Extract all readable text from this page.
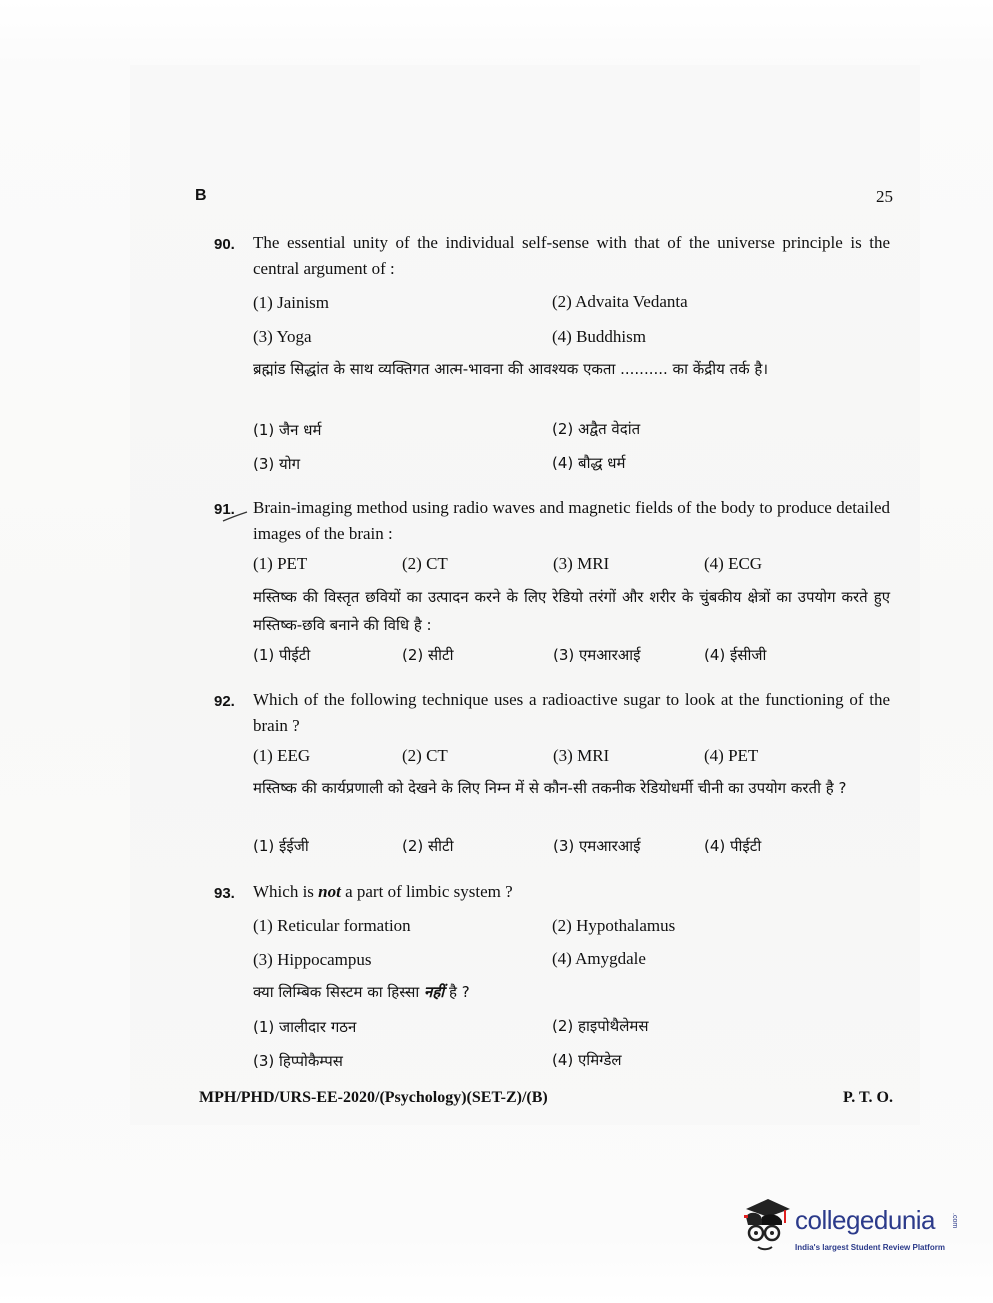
B	25
90. The essential unity of the individual self-sense with that of the universe principle is the central argument of :
(1) Jainism	(2) Advaita Vedanta
(3) Yoga	(4) Buddhism
ब्रह्मांड सिद्धांत के साथ व्यक्तिगत आत्म-भावना की आवश्यक एकता .......... का केंद्रीय तर्क है।
(1) जैन धर्म	(2) अद्वैत वेदांत
(3) योग	(4) बौद्ध धर्म
91. Brain-imaging method using radio waves and magnetic fields of the body to produce detailed images of the brain :
(1) PET	(2) CT	(3) MRI	(4) ECG
मस्तिष्क की विस्तृत छवियों का उत्पादन करने के लिए रेडियो तरंगों और शरीर के चुंबकीय क्षेत्रों का उपयोग करते हुए मस्तिष्क-छवि बनाने की विधि है :
(1) पीईटी	(2) सीटी	(3) एमआरआई	(4) ईसीजी
92. Which of the following technique uses a radioactive sugar to look at the functioning of the brain ?
(1) EEG	(2) CT	(3) MRI	(4) PET
मस्तिष्क की कार्यप्रणाली को देखने के लिए निम्न में से कौन-सी तकनीक रेडियोधर्मी चीनी का उपयोग करती है ?
(1) ईईजी	(2) सीटी	(3) एमआरआई	(4) पीईटी
93. Which is not a part of limbic system ?
(1) Reticular formation	(2) Hypothalamus
(3) Hippocampus	(4) Amygdale
क्या लिम्बिक सिस्टम का हिस्सा नहीं है ?
(1) जालीदार गठन	(2) हाइपोथैलेमस
(3) हिप्पोकैम्पस	(4) एमिग्डेल
MPH/PHD/URS-EE-2020/(Psychology)(SET-Z)/(B)	P. T. O.
collegedunia .com
India's largest Student Review Platform
